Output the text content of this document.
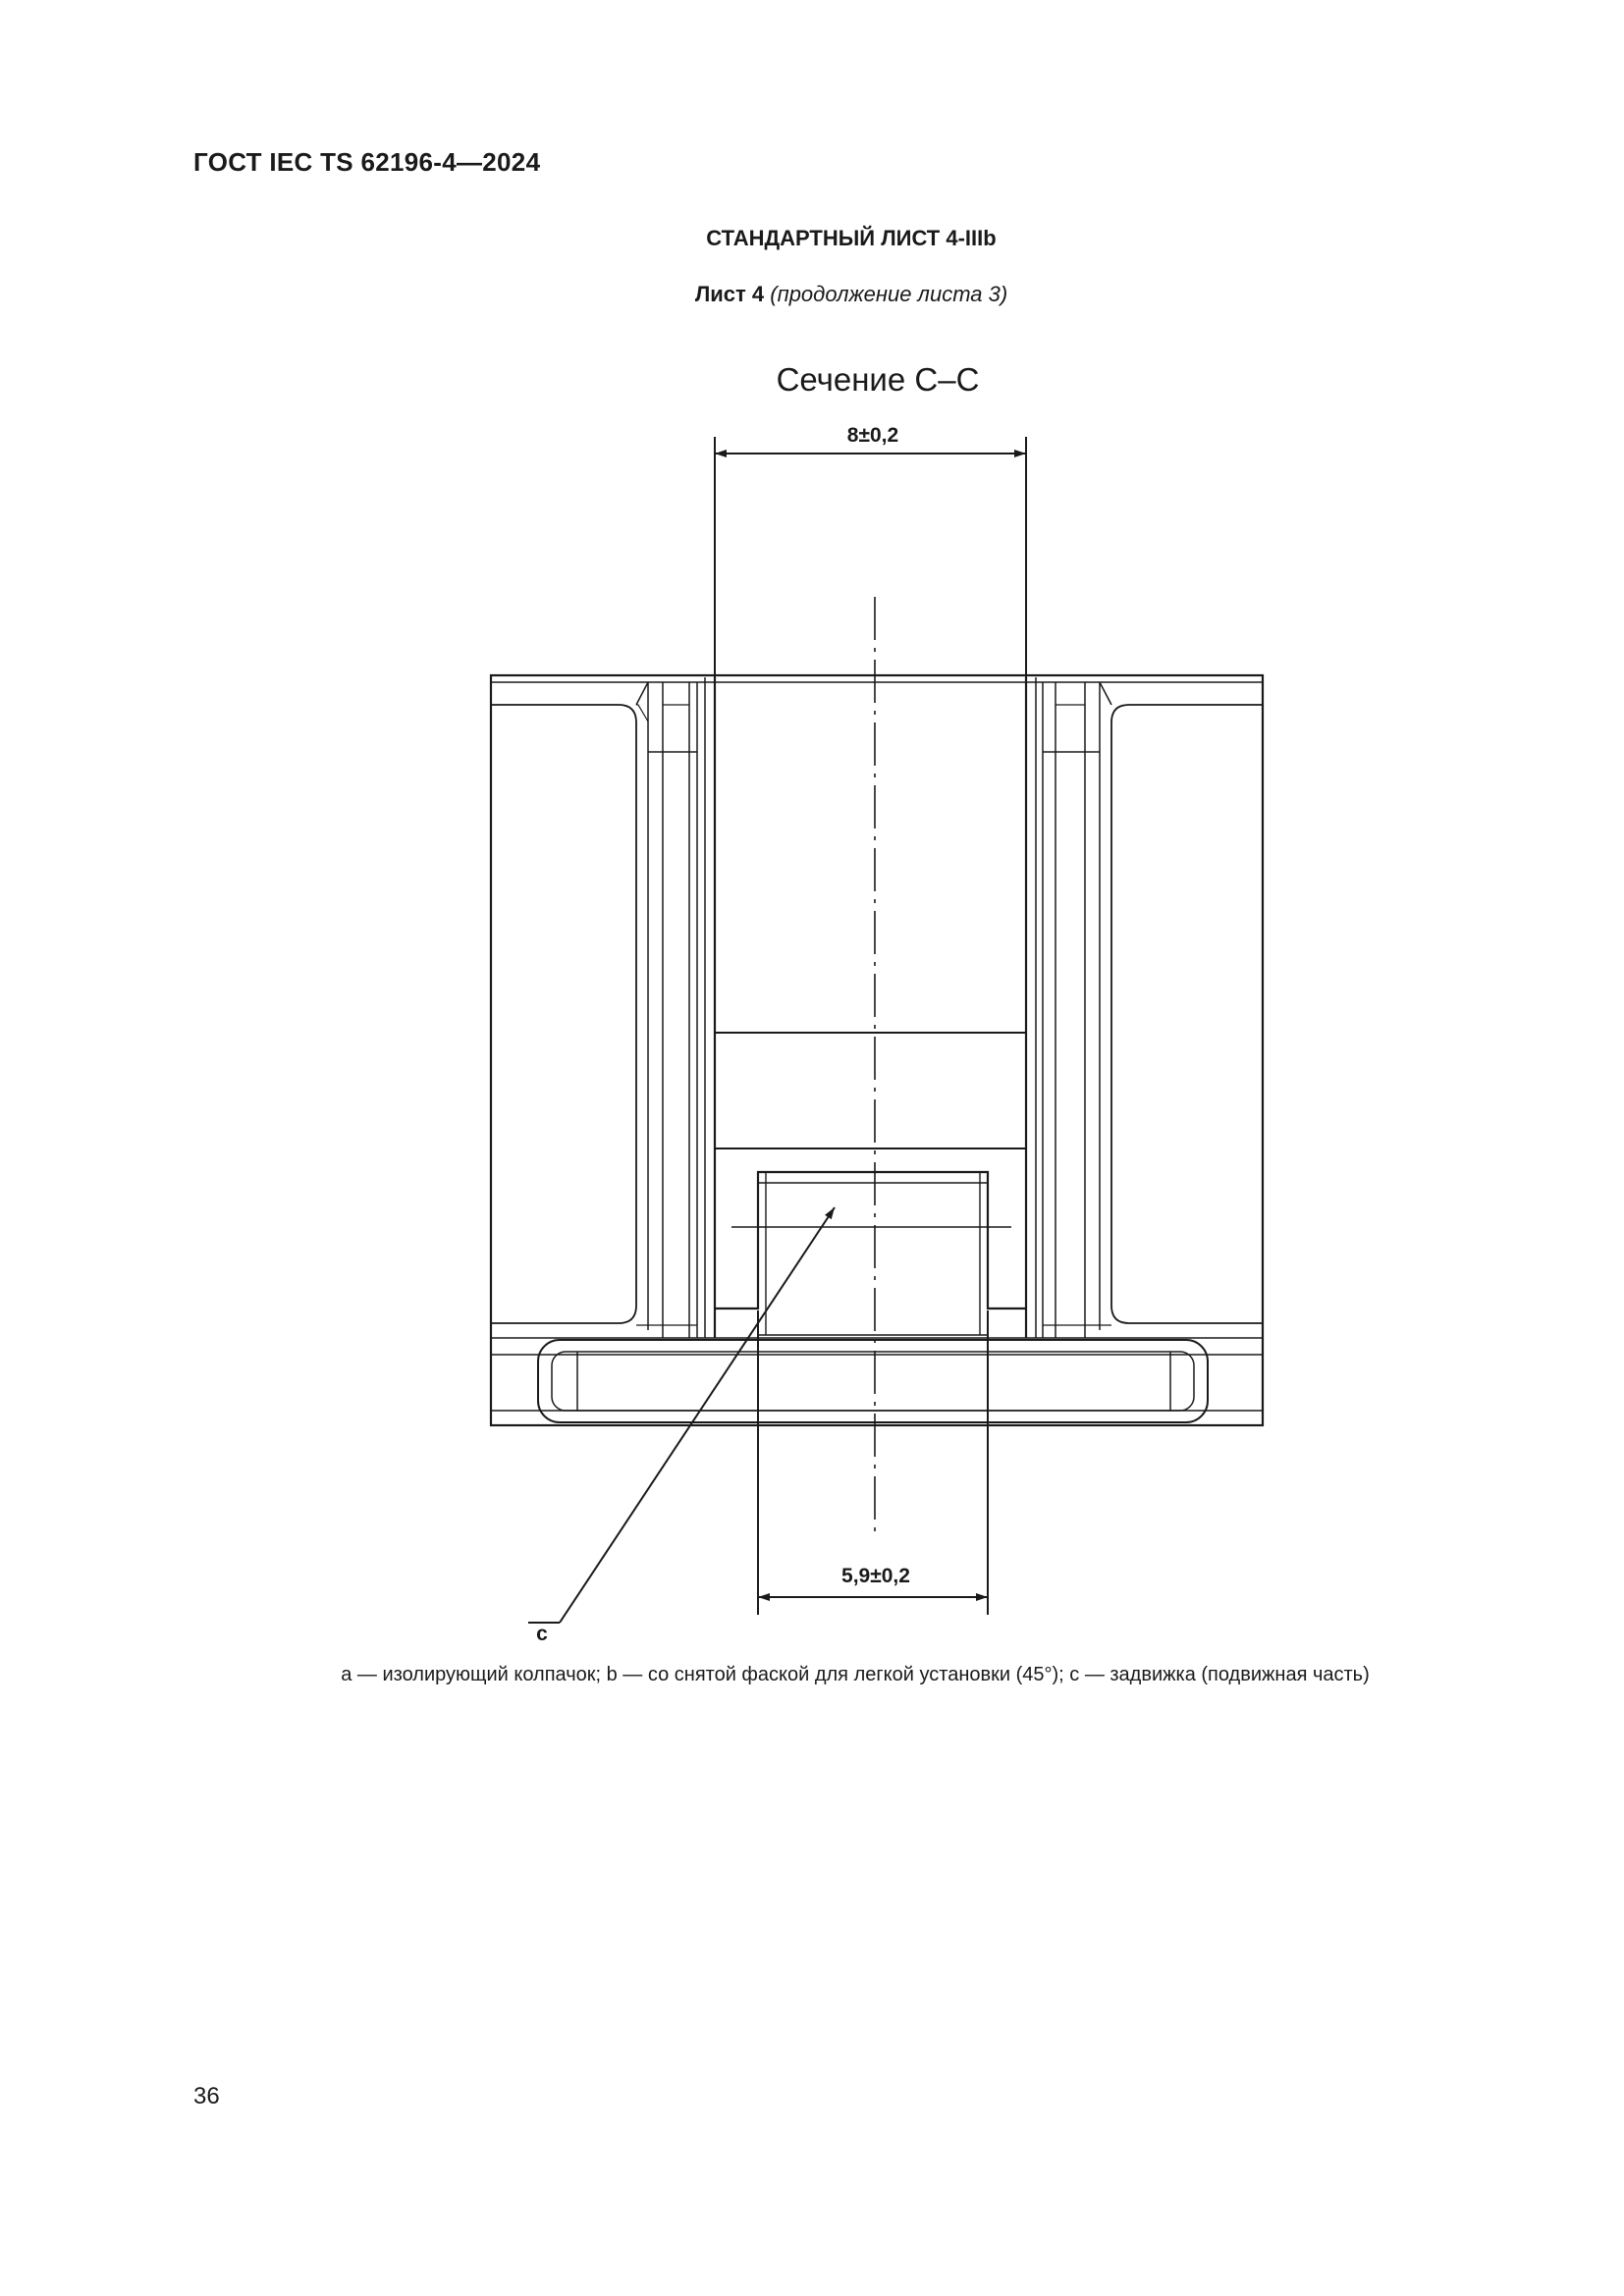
ГОСТ IEC TS 62196-4—2024
СТАНДАРТНЫЙ ЛИСТ 4-IIIb
Лист 4 (продолжение листа 3)
Сечение С–С
8±0,2
5,9±0,2
c
а — изолирующий колпачок; b — со снятой фаской для легкой установки (45°); с — задвижка (подвижная часть)
36
